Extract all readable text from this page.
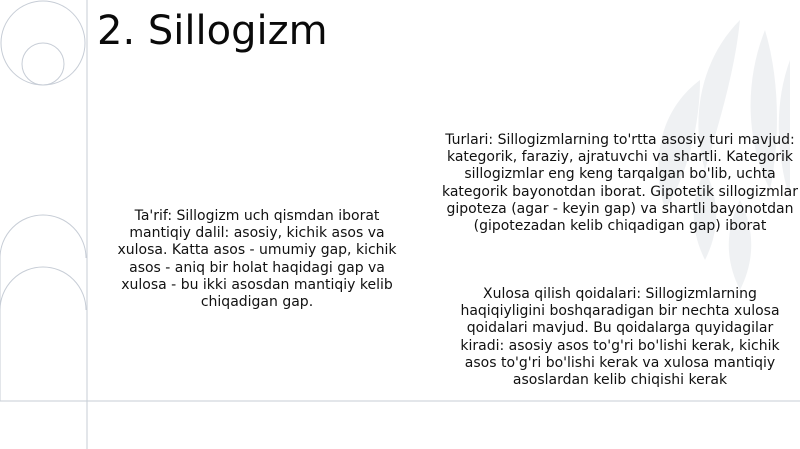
2. Sillogizm
Ta'rif: Sillogizm uch qismdan iborat mantiqiy dalil: asosiy, kichik asos va xulosa. Katta asos - umumiy gap, kichik asos - aniq bir holat haqidagi gap va xulosa - bu ikki asosdan mantiqiy kelib chiqadigan gap.
Turlari: Sillogizmlarning to'rtta asosiy turi mavjud: kategorik, faraziy, ajratuvchi va shartli. Kategorik sillogizmlar eng keng tarqalgan bo'lib, uchta kategorik bayonotdan iborat. Gipotetik sillogizmlar gipoteza (agar - keyin gap) va shartli bayonotdan (gipotezadan kelib chiqadigan gap) iborat
Xulosa qilish qoidalari: Sillogizmlarning haqiqiyligini boshqaradigan bir nechta xulosa qoidalari mavjud. Bu qoidalarga quyidagilar kiradi: asosiy asos to'g'ri bo'lishi kerak, kichik asos to'g'ri bo'lishi kerak va xulosa mantiqiy asoslardan kelib chiqishi kerak
